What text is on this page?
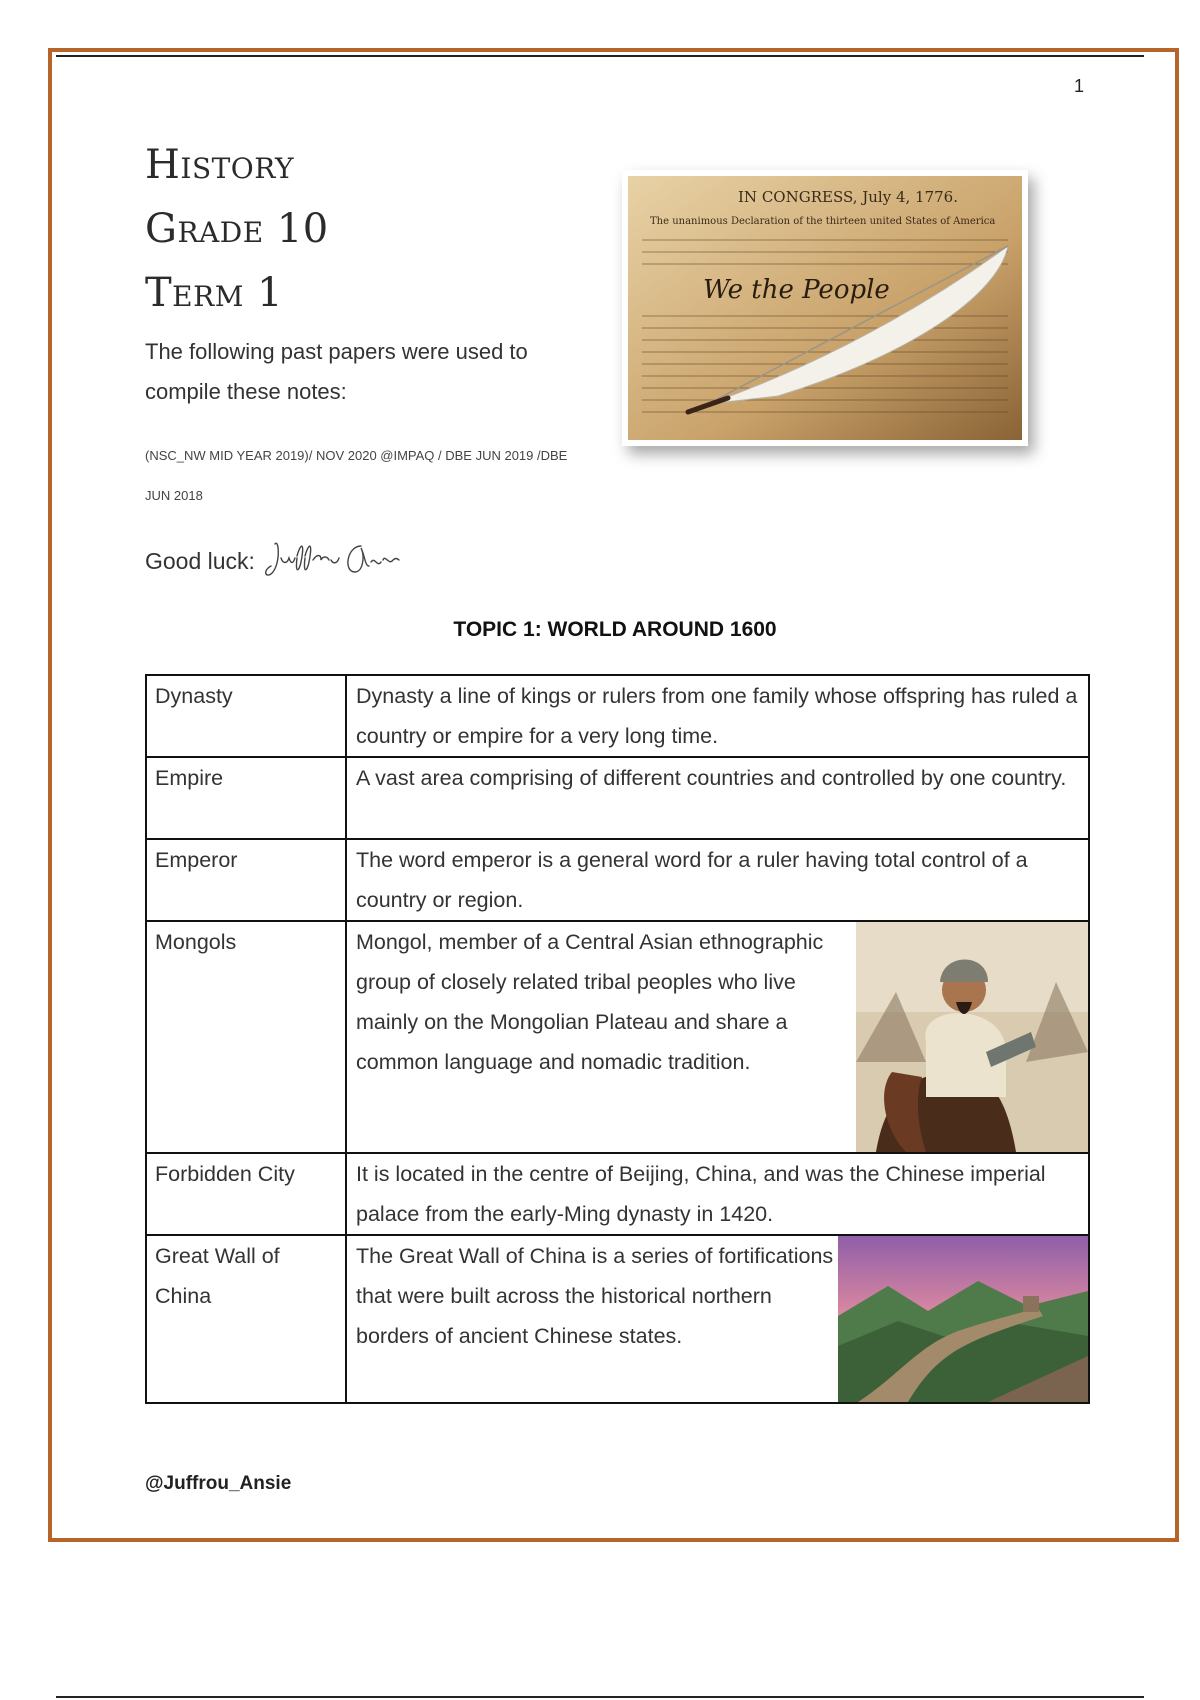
1
History
Grade 10
Term 1
The following past papers were used to compile these notes:
(NSC_NW MID YEAR 2019)/ NOV 2020 @IMPAQ / DBE JUN 2019 /DBE JUN 2018
Good luck:
IN CONGRESS, July 4, 1776.
The unanimous Declaration of the thirteen united States of America
We the People
TOPIC 1: WORLD AROUND 1600
Dynasty	Dynasty a line of kings or rulers from one family whose offspring has ruled a country or empire for a very long time.
Empire	A vast area comprising of different countries and controlled by one country.
Emperor	The word emperor is a general word for a ruler having total control of a country or region.
Mongols	Mongol, member of a Central Asian ethnographic group of closely related tribal peoples who live mainly on the Mongolian Plateau and share a common language and nomadic tradition.

Forbidden City	It is located in the centre of Beijing, China, and was the Chinese imperial palace from the early-Ming dynasty in 1420.
Great Wall of China	The Great Wall of China is a series of fortifications that were built across the historical northern borders of ancient Chinese states.
@Juffrou_Ansie
